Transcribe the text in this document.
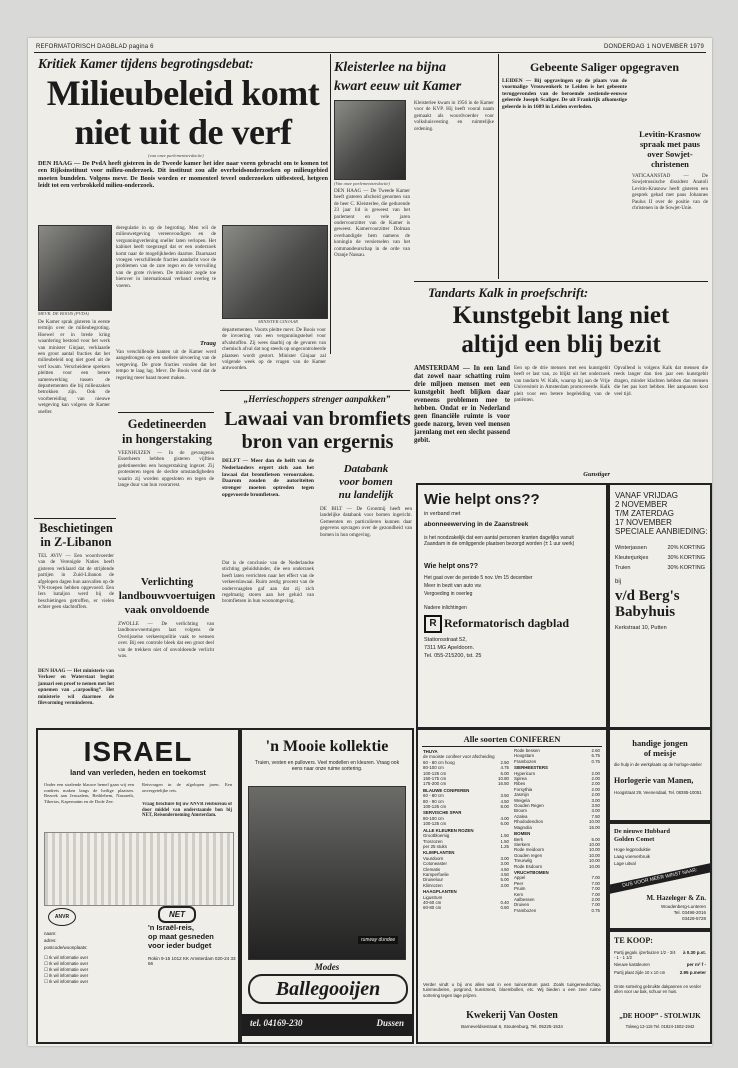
REFORMATORISCH DAGBLAD pagina 6	DONDERDAG 1 NOVEMBER 1979
Kritiek Kamer tijdens begrotingsdebat:
Milieubeleid komt
niet uit de verf
(van onze parlementsredactie)
DEN HAAG — De PvdA heeft gisteren in de Tweede kamer het idee naar voren gebracht om te komen tot een Rijksinstituut voor milieu-onderzoek. Dit instituut zou alle overheidsonderzoeken op milieugebied moeten bundelen. Volgens mevr. De Boois worden er momenteel teveel onderzoeken uitbesteed, hetgeen leidt tot een verbrokkeld milieu-onderzoek.
MEVR. DE BOOIS (PVDA)
De Kamer sprak gisteren in eerste termijn over de milieubegroting. Hoewel er in brede kring waardering bestond voor het werk van minister Ginjaar, verklaarde een groot aantal fracties dat het milieubeleid nog niet goed uit de verf kwam. Verscheidene sprekers pleitten voor een betere samenwerking tussen de departementen die bij milieuzaken betrokken zijn. Ook de voorbereiding van nieuwe wetgeving kan volgens de Kamer sneller.
deregulatie in op de begroting. Men wil de milieuwetgeving vereenvoudigen en de vergunningverlening sneller laten verlopen. Het kabinet heeft toegezegd dat er een onderzoek komt naar de mogelijkheden daartoe. Daarnaast vroegen verschillende fracties aandacht voor de problemen van de zure regen en de vervuiling van de grote rivieren. De minister zegde toe hierover in internationaal verband overleg te voeren.
MINISTER GINJAAR
departementen. Voorts pleitte mevr. De Boois voor de invoering van een vergunningstelsel voor afvalstoffen. Zij wees daarbij op de gevaren van chemisch afval dat nog steeds op ongecontroleerde plaatsen wordt gestort. Minister Ginjaar zal volgende week op de vragen van de Kamer antwoorden.
Traag
Van verschillende kanten uit de Kamer werd aangedrongen op een snellere uitvoering van de wetgeving. De grote fracties vonden dat het tempo te laag lag. Mevr. De Boois vond dat de regering meer haast moest maken.
Beschietingen
in Z-Libanon
TEL AVIV — Een woordvoerder van de Verenigde Naties heeft gisteren verklaard dat de strijdende partijen in Zuid-Libanon de afgelopen dagen hun aanvallen op de VN-troepen hebben opgevoerd. Een Iers bataljon werd bij de beschietingen getroffen, er vielen echter geen slachtoffers.
DEN HAAG — Het ministerie van Verkeer en Waterstaat begint januari een proef te nemen met het opnemen van „carpooling”. Het ministerie wil daarmee de filevorming verminderen.
Gedetineerden
in hongerstaking
VEENHUIZEN — In de gevangenis Esserheem hebben gisteren vijftien gedetineerden een hongerstaking ingezet. Zij protesteren tegen de slechte omstandigheden waarin zij worden opgesloten en tegen de lange duur van hun voorarrest.
Verlichting
landbouwvoertuigen
vaak onvoldoende
ZWOLLE — De verlichting van landbouwvoertuigen laat volgens de Overijsselse verkeerspolitie vaak te wensen over. Bij een controle bleek dat een groot deel van de trekkers niet of onvoldoende verlicht was.
Kleisterlee na bijna
kwart eeuw uit Kamer
(Van onze parlementsredactie)
DEN HAAG — De Tweede Kamer heeft gisteren afscheid genomen van de heer C. Kleisterlee, die gedurende 23 jaar lid is geweest van het parlement en vele jaren ondervoorzitter van de Kamer is geweest. Kamervoorzitter Dolman overhandigde hem namens de koningin de versierselen van het commandeurschap in de orde van Oranje Nassau.
Kleisterlee kwam in 1956 in de Kamer voor de KVP. Hij heeft vooral naam gemaakt als woordvoerder voor volkshuisvesting en ruimtelijke ordening.
Gebeente Saliger opgegraven
LEIDEN — Bij opgravingen op de plaats van de voormalige Vrouwenkerk te Leiden is het gebeente teruggevonden van de beroemde zestiende-eeuwse geleerde Joseph Scaliger. De uit Frankrijk afkomstige geleerde is in 1609 in Leiden overleden.
Levitin-Krasnow
spraak met paus
over Sowjet-
christenen
VATICAANSTAD — De Sowjetrussische dissident Anatoli Levitin-Krasnow heeft gisteren een gesprek gehad met paus Johannes Paulus II over de positie van de christenen in de Sowjet-Unie.
Tandarts Kalk in proefschrift:
Kunstgebit lang niet
altijd een blij bezit
AMSTERDAM — In een land dat zowel naar schatting ruim drie miljoen mensen met een kunstgebit heeft blijken daar eveneens problemen mee te hebben. Ondat er in Nederland geen financiële ruimte is voor goede nazorg, leven veel mensen jarenlang met een slecht passend gebit.
Een op de drie mensen met een kunstgebit heeft er last van, zo blijkt uit het onderzoek van tandarts W. Kalk, waarop hij aan de Vrije Universiteit in Amsterdam promoveerde. Kalk pleit voor een betere begeleiding van de patiënten.
Gunstiger
Opvallend is volgens Kalk dat mensen die reeds langer dan tien jaar een kunstgebit dragen, minder klachten hebben dan mensen die het pas kort hebben. Het aanpassen kost veel tijd.
„Herrieschoppers strenger aanpakken”
Lawaai van bromfiets
bron van ergernis
DELFT — Meer dan de helft van de Nederlanders ergert zich aan het lawaai dat bromfietsen veroorzaken. Daarom zouden de autoriteiten strenger moeten optreden tegen opgevoerde bromfietsen.
Dat is de conclusie van de Nederlandse stichting geluidshinder, die een onderzoek heeft laten verrichten naar het effect van de verkeerslawaai. Ruim zestig procent van de ondervraagden gaf aan dat zij zich regelmatig storen aan het geluid van bromfietsen in hun woonomgeving.
Databank
voor bomen
nu landelijk
DE BILT — De Grontmij heeft een landelijke databank voor bomen ingericht. Gemeenten en particulieren kunnen daar gegevens opvragen over de gezondheid van bomen in hun omgeving.
Wie helpt ons??
in verband met
abonneewerving in de Zaanstreek
is het noodzakelijk dat een aantal personen kranten dagelijks vanuit Zaandam in de omliggende plaatsen bezorgd worden (± 1 uur werk)
Wie helpt ons??
Het gaat over de periode 5 nov. t/m 15 december
Meer in bezit van auto vw.
Vergoeding in overleg
Nadere inlichtingen
R Reformatorisch dagblad
Stationsstraat 52,
7311 MG Apeldoorn.
Tel. 055-215200, tst. 25
VANAF VRIJDAG
2 NOVEMBER
T/M ZATERDAG
17 NOVEMBER
SPECIALE AANBIEDING:
Winterjassen	20% KORTING
Kleuterjurkjes	30% KORTING
Truien	30% KORTING
bij
v/d Berg's
Babyhuis
Kerkstraat 10, Putten
ISRAEL
land van verleden, heden en toekomst
Onder een stralende blauwe hemel gaan wij een rondreis maken langs de heilige plaatsen. Bezoek aan Jeruzalem, Bethlehem, Nazareth, Tiberias, Kapernaüm en de Dode Zee.
Reisvragen in de afgelopen jaren. Een onvergetelijke reis.
Vraag brochure bij uw ANVR reisbureau of door middel van onderstaande bon bij NET, Reisonderneming Amsterdam.
ANVR	NET
'n Israël-reis,
op maat gesneden
voor ieder budget
Rokin 9-15 1012 KK Amsterdam 020-24 33 66
naam:
adres:
postcode/woonplaats:
☐ Ik wil informatie over
☐ Ik wil informatie over
☐ Ik wil informatie over
☐ Ik wil informatie over
☐ Ik wil informatie over
'n Mooie kollektie
Truien, vesten en pullovers. Veel modellen en kleuren. Vraag ook eens naar onze ruime sortering.
runway dundee
Modes
Ballegooijen
tel. 04169-230	Dussen
Alle soorten CONIFEREN
THUYA
de mooiste conifeer voor afscheiding
60 - 80 cm hoog	2.50
80-100 cm	4.75
100-125 cm	6.00
150-175 cm	10.80
175-200 cm	16.50
BLAUWE CONIFEREN
60 - 80 cm	3.50
80 - 90 cm	4.50
100-125 cm	8.00
SERVISCHE SPAR
80-100 cm	4.00
100-125 cm	6.00
ALLE KLEUREN ROZEN
Grootbloemig	1.50
Trosrozen	1.50
per 25 stuks	1.25
KLIMPLANTEN
Vuurdoorn	3.00
Cotoneaster	3.00
Clematis	4.50
Kamperfoelie	4.50
Druiveluur	5.00
Klimrozen	3.00
HAAGPLANTEN
Ligustrum
40-60 cm	0.40
60-80 cm	0.60
Rode bessen	2.60
Hoogstam	6.75
Frambozen	0.75
SIERHEESTERS
Hypericum	2.00
Spirea	2.00
Ribes	2.00
Forsythia	2.00
Jasmijn	2.00
Weigela	3.00
Gouden Regen	3.50
Broom	3.00
Azalea	7.50
Rhododendron	10.00
Magnolia	15.00
BOMEN
Berk	5.00
Sierkers	10.00
Rode meidoorn	10.00
Gouden regen	10.00
Treurwilg	10.00
Rode Esdoorn	10.00
VRUCHTBOMEN
Appel	7.00
Peer	7.00
Pruim	7.00
Kers	7.00
Aalbessen	2.00
Druiven	7.00
Frambozen	0.75
Verder vindt u bij ons alles wat in een tuincentrum past. Zoals tuingereedschap, tuinmeubelen, potgrond, kunstmest, bloembollen, etc. Wij bieden u een zeer ruime sortering tegen lage prijzen.
Kwekerij Van Oosten
Barneveldsestraat 6, Stoutenburg, Tel. 05225-1534
handige jongen
of meisje
die hulp in de werkplaats op de horloge-atelier
Horlogerie van Manen,
Hoogstraat 29, Veenendaal, Tel. 08385-10051
De nieuwe Hubbard
Golden Comet
Hoge legproduktie
Laag voerverbruik
Lage uitval
DUS VOOR MEER WINST NAAR:
M. Hazeleger & Zn.
Woudenberg-Lunteren
Tel. 03498-2016
03429-5728
TE KOOP:
Partij gegalv. ijzerbuizen 1/2 - 3/4 - 1 - 1 1/2
à 0.30 p.st.
Nieuwe kastdeuren	per m² f -
Partij plaat zijde 10 x 10 cm	2.95 p.meter
Grote sortering gebruikte dakpannen en verder allen voor uw bak, schuur en huis.
„DE HOOP” - STOLWIJK
Tolweg 13-115 Tel. 01824-1502-1942
